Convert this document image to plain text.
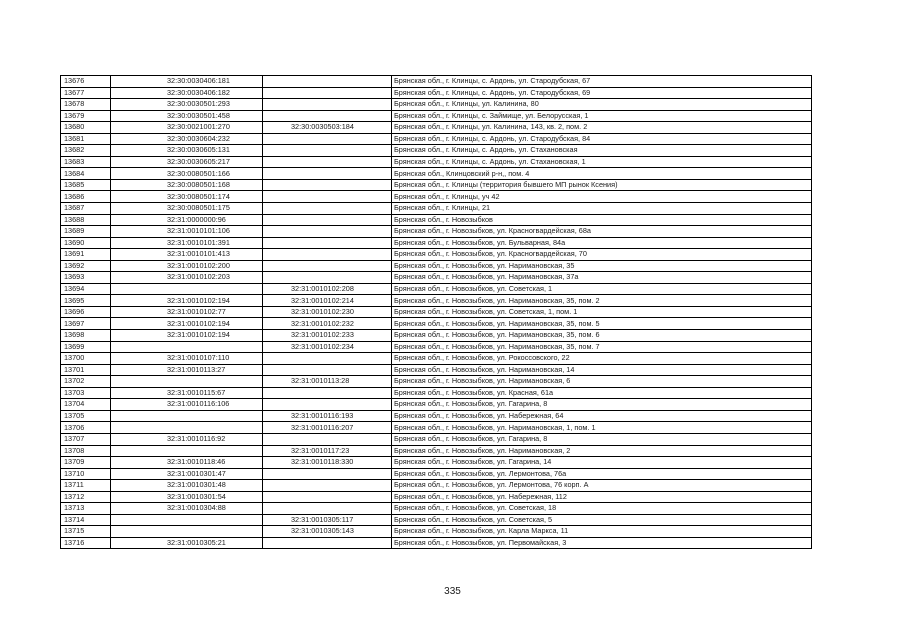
13676	32:30:0030406:181		Брянская обл., г. Клинцы, с. Ардонь, ул. Стародубская, 67
13677	32:30:0030406:182		Брянская обл., г. Клинцы, с. Ардонь, ул. Стародубская, 69
13678	32:30:0030501:293		Брянская обл., г. Клинцы, ул. Калинина, 80
13679	32:30:0030501:458		Брянская обл., г. Клинцы, с. Займище, ул. Белорусская, 1
13680	32:30:0021001:270	32:30:0030503:184	Брянская обл., г. Клинцы, ул. Калинина, 143, кв. 2, пом. 2
13681	32:30:0030604:232		Брянская обл., г. Клинцы, с. Ардонь, ул. Стародубская, 84
13682	32:30:0030605:131		Брянская обл., г. Клинцы, с. Ардонь, ул. Стахановская
13683	32:30:0030605:217		Брянская обл., г. Клинцы, с. Ардонь, ул. Стахановская, 1
13684	32:30:0080501:166		Брянская обл., Клинцовский р-н,, пом. 4
13685	32:30:0080501:168		Брянская обл., г. Клинцы (территория бывшего МП рынок Ксения)
13686	32:30:0080501:174		Брянская обл., г. Клинцы, уч 42
13687	32:30:0080501:175		Брянская обл., г. Клинцы, 21
13688	32:31:0000000:96		Брянская обл., г. Новозыбков
13689	32:31:0010101:106		Брянская обл., г. Новозыбков, ул. Красногвардейская, 68а
13690	32:31:0010101:391		Брянская обл., г. Новозыбков, ул. Бульварная, 84а
13691	32:31:0010101:413		Брянская обл., г. Новозыбков, ул. Красногвардейская, 70
13692	32:31:0010102:200		Брянская обл., г. Новозыбков, ул. Наримановская, 35
13693	32:31:0010102:203		Брянская обл., г. Новозыбков, ул. Наримановская, 37а
13694		32:31:0010102:208	Брянская обл., г. Новозыбков, ул. Советская, 1
13695	32:31:0010102:194	32:31:0010102:214	Брянская обл., г. Новозыбков, ул. Наримановская, 35, пом. 2
13696	32:31:0010102:77	32:31:0010102:230	Брянская обл., г. Новозыбков, ул. Советская, 1, пом. 1
13697	32:31:0010102:194	32:31:0010102:232	Брянская обл., г. Новозыбков, ул. Наримановская, 35, пом. 5
13698	32:31:0010102:194	32:31:0010102:233	Брянская обл., г. Новозыбков, ул. Наримановская, 35, пом. 6
13699		32:31:0010102:234	Брянская обл., г. Новозыбков, ул. Наримановская, 35, пом. 7
13700	32:31:0010107:110		Брянская обл., г. Новозыбков, ул. Рокоссовского, 22
13701	32:31:0010113:27		Брянская обл., г. Новозыбков, ул. Наримановская, 14
13702		32:31:0010113:28	Брянская обл., г. Новозыбков, ул. Наримановская, 6
13703	32:31:0010115:67		Брянская обл., г. Новозыбков, ул. Красная, 61а
13704	32:31:0010116:106		Брянская обл., г. Новозыбков, ул. Гагарина, 8
13705		32:31:0010116:193	Брянская обл., г. Новозыбков, ул. Набережная, 64
13706		32:31:0010116:207	Брянская обл., г. Новозыбков, ул. Наримановская, 1, пом. 1
13707	32:31:0010116:92		Брянская обл., г. Новозыбков, ул. Гагарина, 8
13708		32:31:0010117:23	Брянская обл., г. Новозыбков, ул. Наримановская, 2
13709	32:31:0010118:46	32:31:0010118:330	Брянская обл., г. Новозыбков, ул. Гагарина, 14
13710	32:31:0010301:47		Брянская обл., г. Новозыбков, ул. Лермонтова, 76а
13711	32:31:0010301:48		Брянская обл., г. Новозыбков, ул. Лермонтова, 76 корп. А
13712	32:31:0010301:54		Брянская обл., г. Новозыбков, ул. Набережная, 112
13713	32:31:0010304:88		Брянская обл., г. Новозыбков, ул. Советская, 18
13714		32:31:0010305:117	Брянская обл., г. Новозыбков, ул. Советская, 5
13715		32:31:0010305:143	Брянская обл., г. Новозыбков, ул. Карла Маркса, 11
13716	32:31:0010305:21		Брянская обл., г. Новозыбков, ул. Первомайская, 3
335
